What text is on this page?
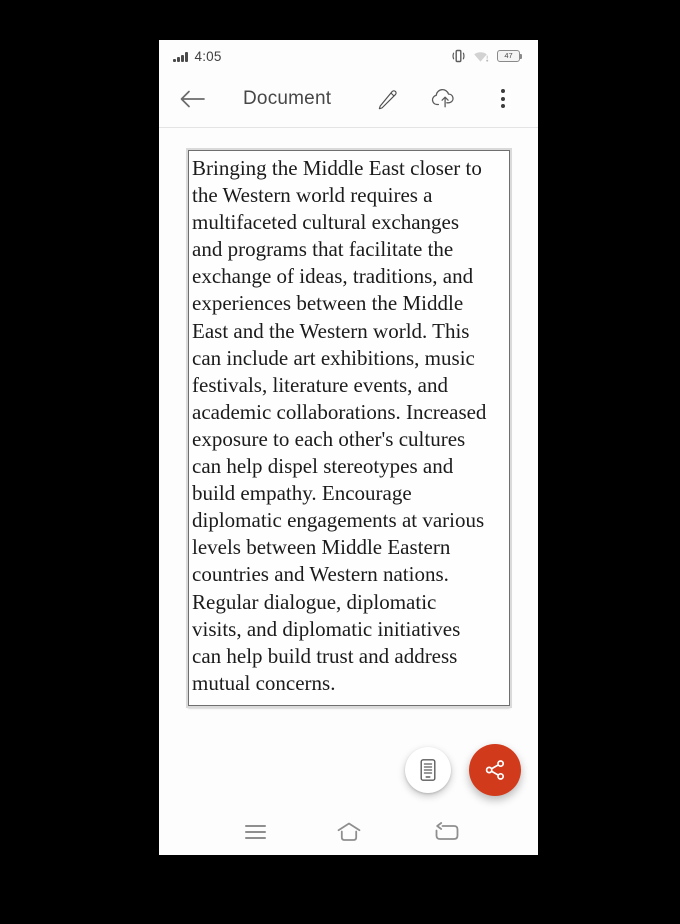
4:05	47
Document
Bringing the Middle East closer to
the Western world requires a
multifaceted cultural exchanges
and programs that facilitate the
exchange of ideas, traditions, and
experiences between the Middle
East and the Western world. This
can include art exhibitions, music
festivals, literature events, and
academic collaborations. Increased
exposure to each other's cultures
can help dispel stereotypes and
build empathy. Encourage
diplomatic engagements at various
levels between Middle Eastern
countries and Western nations.
Regular dialogue, diplomatic
visits, and diplomatic initiatives
can help build trust and address
mutual concerns.
